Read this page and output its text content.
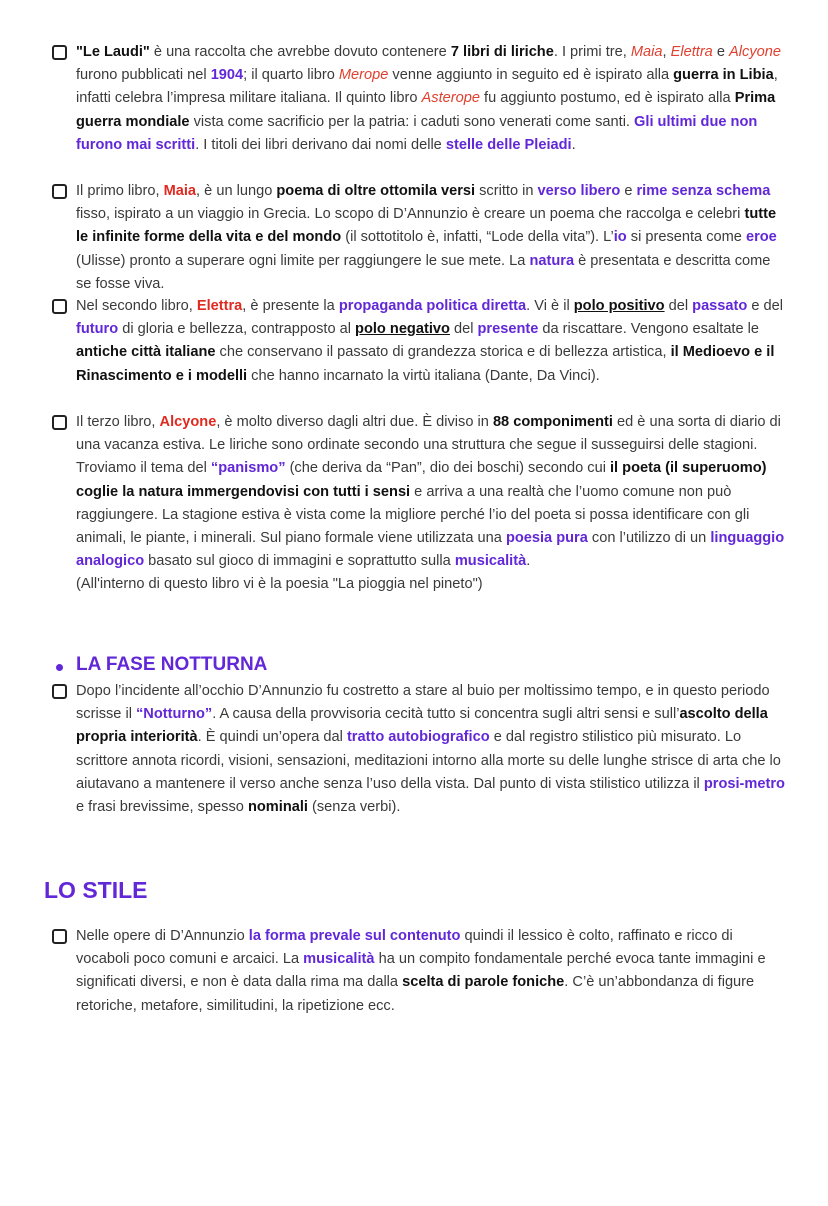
"Le Laudi" è una raccolta che avrebbe dovuto contenere 7 libri di liriche. I primi tre, Maia, Elettra e Alcyone furono pubblicati nel 1904; il quarto libro Merope venne aggiunto in seguito ed è ispirato alla guerra in Libia, infatti celebra l’impresa militare italiana. Il quinto libro Asterope fu aggiunto postumo, ed è ispirato alla Prima guerra mondiale vista come sacrificio per la patria: i caduti sono venerati come santi. Gli ultimi due non furono mai scritti. I titoli dei libri derivano dai nomi delle stelle delle Pleiadi.
Il primo libro, Maia, è un lungo poema di oltre ottomila versi scritto in verso libero e rime senza schema fisso, ispirato a un viaggio in Grecia. Lo scopo di D’Annunzio è creare un poema che raccolga e celebri tutte le infinite forme della vita e del mondo (il sottotitolo è, infatti, “Lode della vita”). L’io si presenta come eroe (Ulisse) pronto a superare ogni limite per raggiungere le sue mete. La natura è presentata e descritta come se fosse viva.
Nel secondo libro, Elettra, è presente la propaganda politica diretta. Vi è il polo positivo del passato e del futuro di gloria e bellezza, contrapposto al polo negativo del presente da riscattare. Vengono esaltate le antiche città italiane che conservano il passato di grandezza storica e di bellezza artistica, il Medioevo e il Rinascimento e i modelli che hanno incarnato la virtù italiana (Dante, Da Vinci).
Il terzo libro, Alcyone, è molto diverso dagli altri due. È diviso in 88 componimenti ed è una sorta di diario di una vacanza estiva. Le liriche sono ordinate secondo una struttura che segue il susseguirsi delle stagioni. Troviamo il tema del “panismo” (che deriva da “Pan”, dio dei boschi) secondo cui il poeta (il superuomo) coglie la natura immergendovisi con tutti i sensi e arriva a una realtà che l’uomo comune non può raggiungere. La stagione estiva è vista come la migliore perché l’io del poeta si possa identificare con gli animali, le piante, i minerali. Sul piano formale viene utilizzata una poesia pura con l’utilizzo di un linguaggio analogico basato sul gioco di immagini e soprattutto sulla musicalità.
(All'interno di questo libro vi è la poesia "La pioggia nel pineto")
LA FASE NOTTURNA
Dopo l’incidente all’occhio D’Annunzio fu costretto a stare al buio per moltissimo tempo, e in questo periodo scrisse il “Notturno”. A causa della provvisoria cecità tutto si concentra sugli altri sensi e sull’ascolto della propria interiorità. È quindi un’opera dal tratto autobiografico e dal registro stilistico più misurato. Lo scrittore annota ricordi, visioni, sensazioni, meditazioni intorno alla morte su delle lunghe strisce di arta che lo aiutavano a mantenere il verso anche senza l’uso della vista. Dal punto di vista stilistico utilizza il prosi-metro e frasi brevissime, spesso nominali (senza verbi).
LO STILE
Nelle opere di D’Annunzio la forma prevale sul contenuto quindi il lessico è colto, raffinato e ricco di vocaboli poco comuni e arcaici. La musicalità ha un compito fondamentale perché evoca tante immagini e significati diversi, e non è data dalla rima ma dalla scelta di parole foniche. C’è un’abbondanza di figure retoriche, metafore, similitudini, la ripetizione ecc.
